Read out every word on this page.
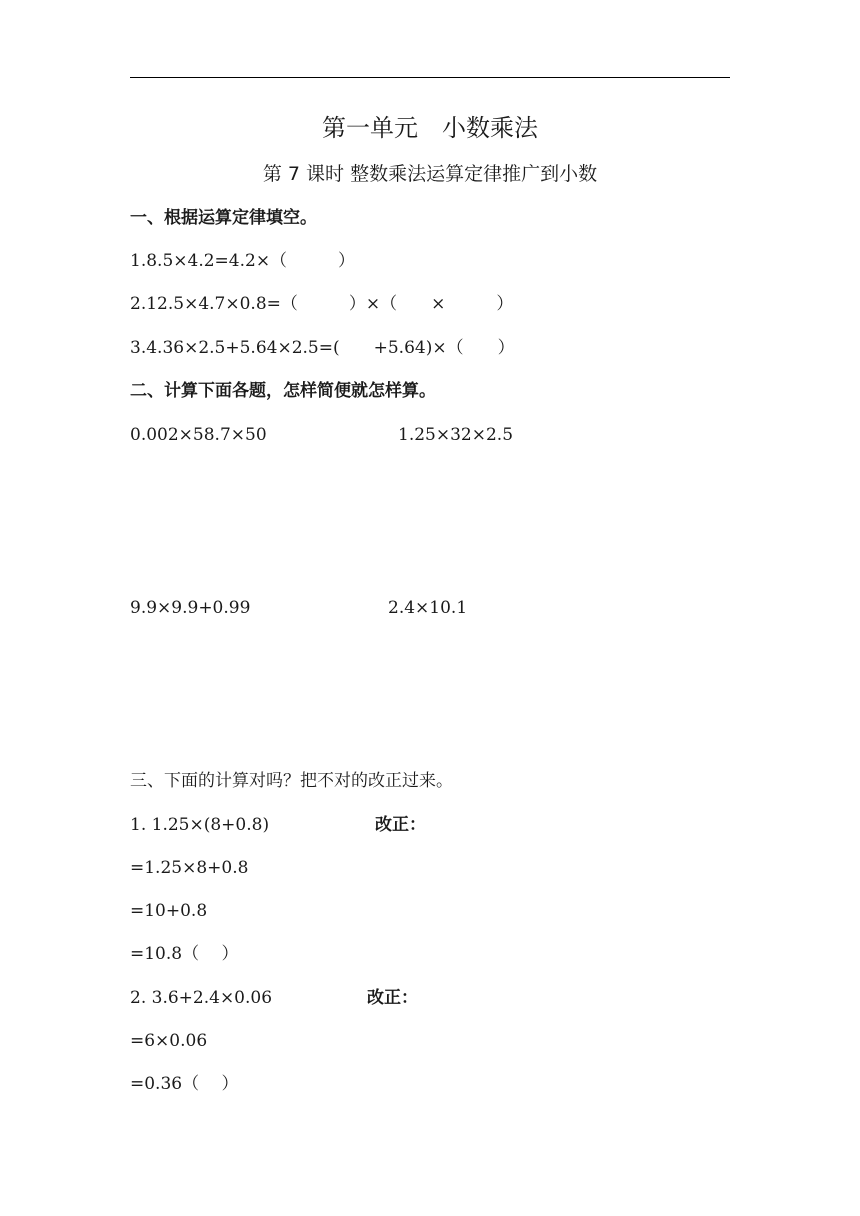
第一单元　小数乘法
第 7 课时 整数乘法运算定律推广到小数
一、根据运算定律填空。
1.8.5×4.2=4.2×（　　　）
2.12.5×4.7×0.8=（　　　）×（　　×　　　）
3.4.36×2.5+5.64×2.5=(　　+5.64)×（　　）
二、计算下面各题，怎样简便就怎样算。
0.002×58.7×50	1.25×32×2.5
9.9×9.9+0.99	2.4×10.1
三、下面的计算对吗？把不对的改正过来。
1. 1.25×(8+0.8)	改正：
=1.25×8+0.8
=10+0.8
=10.8（　 ）
2. 3.6+2.4×0.06	改正：
=6×0.06
=0.36（　 ）
